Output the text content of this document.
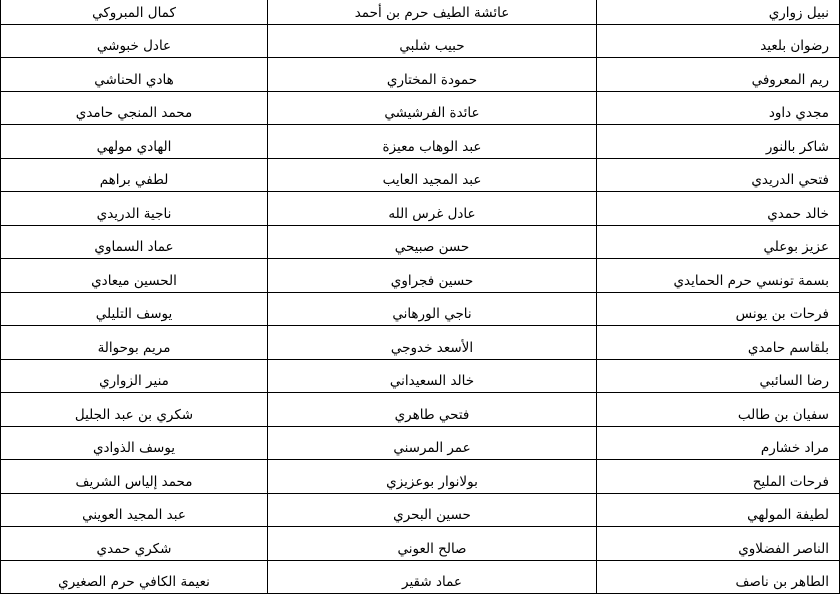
نبيل زواري	عائشة الطيف حرم بن أحمد	كمال المبروكي
رضوان بلعيد	حبيب شلبي	عادل خبوشي
ريم المعروفي	حمودة المختاري	هادي الحناشي
مجدي داود	عائدة الفرشيشي	محمد المنجي حامدي
شاكر بالنور	عبد الوهاب معيزة	الهادي مولهي
فتحي الدريدي	عبد المجيد العايب	لطفي براهم
خالد حمدي	عادل غرس الله	ناجية الدريدي
عزيز بوعلي	حسن صبيحي	عماد السماوي
بسمة تونسي حرم الحمايدي	حسين فجراوي	الحسين ميعادي
فرحات بن يونس	ناجي الورهاني	يوسف التليلي
بلقاسم حامدي	الأسعد خدوجي	مريم بوحوالة
رضا السائبي	خالد السعيداني	منير الزواري
سفيان بن طالب	فتحي طاهري	شكري بن عبد الجليل
مراد خشارم	عمر المرسني	يوسف الذوادي
فرحات المليح	بولانوار بوعزيزي	محمد إلياس الشريف
لطيفة المولهي	حسين البحري	عبد المجيد العويني
الناصر الفضلاوي	صالح العوني	شكري حمدي
الطاهر بن ناصف	عماد شقير	نعيمة الكافي حرم الصغيري
